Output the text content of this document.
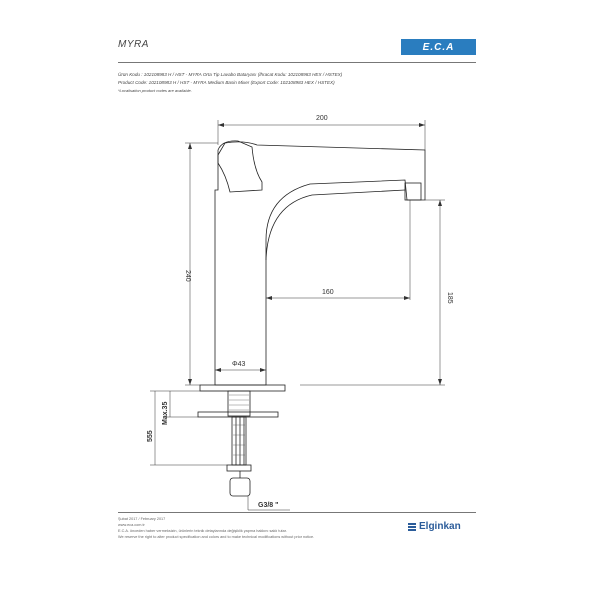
MYRA	E.C.A
Ürün Kodu : 102108983 H / HST - MYRA Orta Tip Lavabo Bataryası (İhracat Kodu: 102108983 HEX / HSTEX)
Product Code: 102108983 H / HST - MYRA Medium Basin Mixer (Export Code: 102108983 HEX / HSTEX)
*Localisation product codes are available.
200
240
160	185
Φ43
555
Max.35
G3/8 "
Şubat 2017 / February 2017
www.eca.com.tr
E.C.A. önceden haber vermeksizin, ürünlerin teknik detaylarında değişiklik yapma hakkını saklı tutar.
We reserve the right to alter product specification and colors and to make technical modifications without prior notice.
Elginkan
